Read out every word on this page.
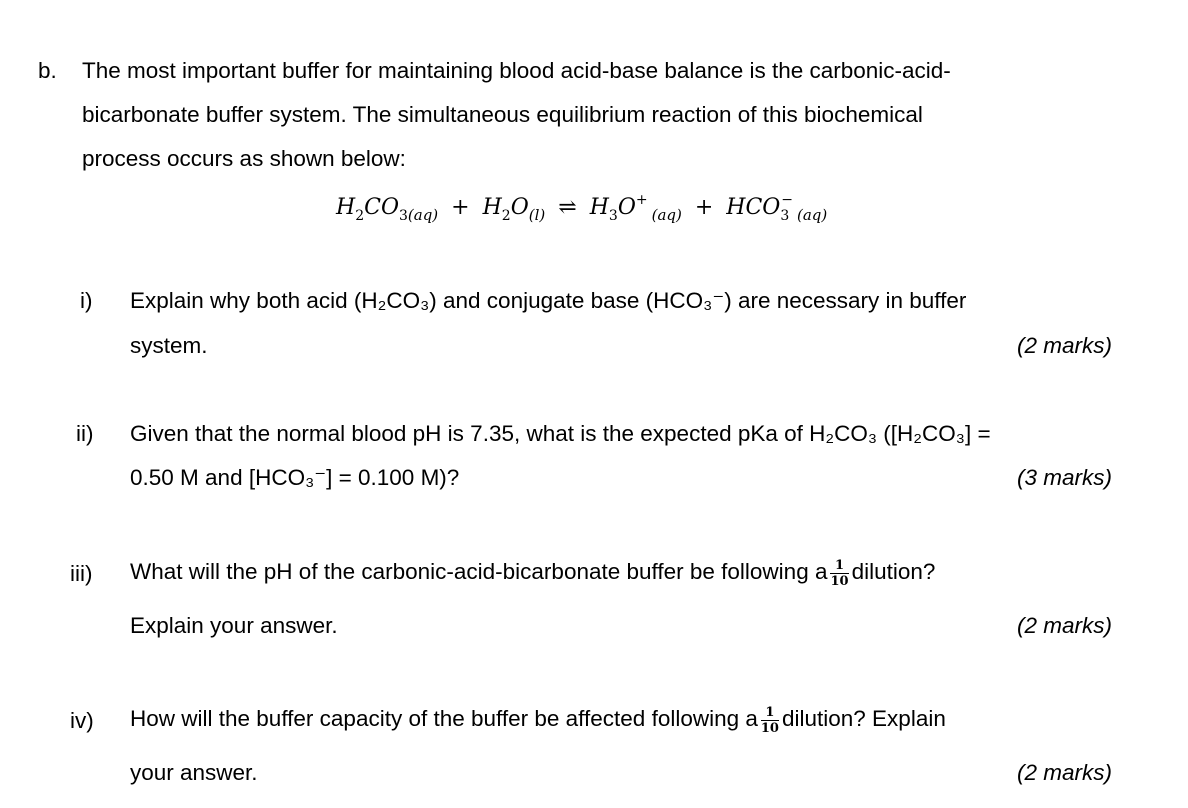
b. The most important buffer for maintaining blood acid-base balance is the carbonic-acid-
bicarbonate buffer system. The simultaneous equilibrium reaction of this biochemical
process occurs as shown below:
$H_2CO_{3(aq)} + H_2O_{(l)}$ ⇌ $H_3O^+_{(aq)} + HCO_3^-_{(aq)}$
i) Explain why both acid (H₂CO₃) and conjugate base (HCO₃⁻) are necessary in buffer
system.	(2 marks)
ii) Given that the normal blood pH is 7.35, what is the expected pKa of H₂CO₃ ([H₂CO₃] =
0.50 M and [HCO₃⁻] = 0.100 M)?	(3 marks)
iii) What will the pH of the carbonic-acid-bicarbonate buffer be following a $\frac{1}{10}$ dilution?
Explain your answer.	(2 marks)
iv) How will the buffer capacity of the buffer be affected following a $\frac{1}{10}$ dilution? Explain
your answer.	(2 marks)
